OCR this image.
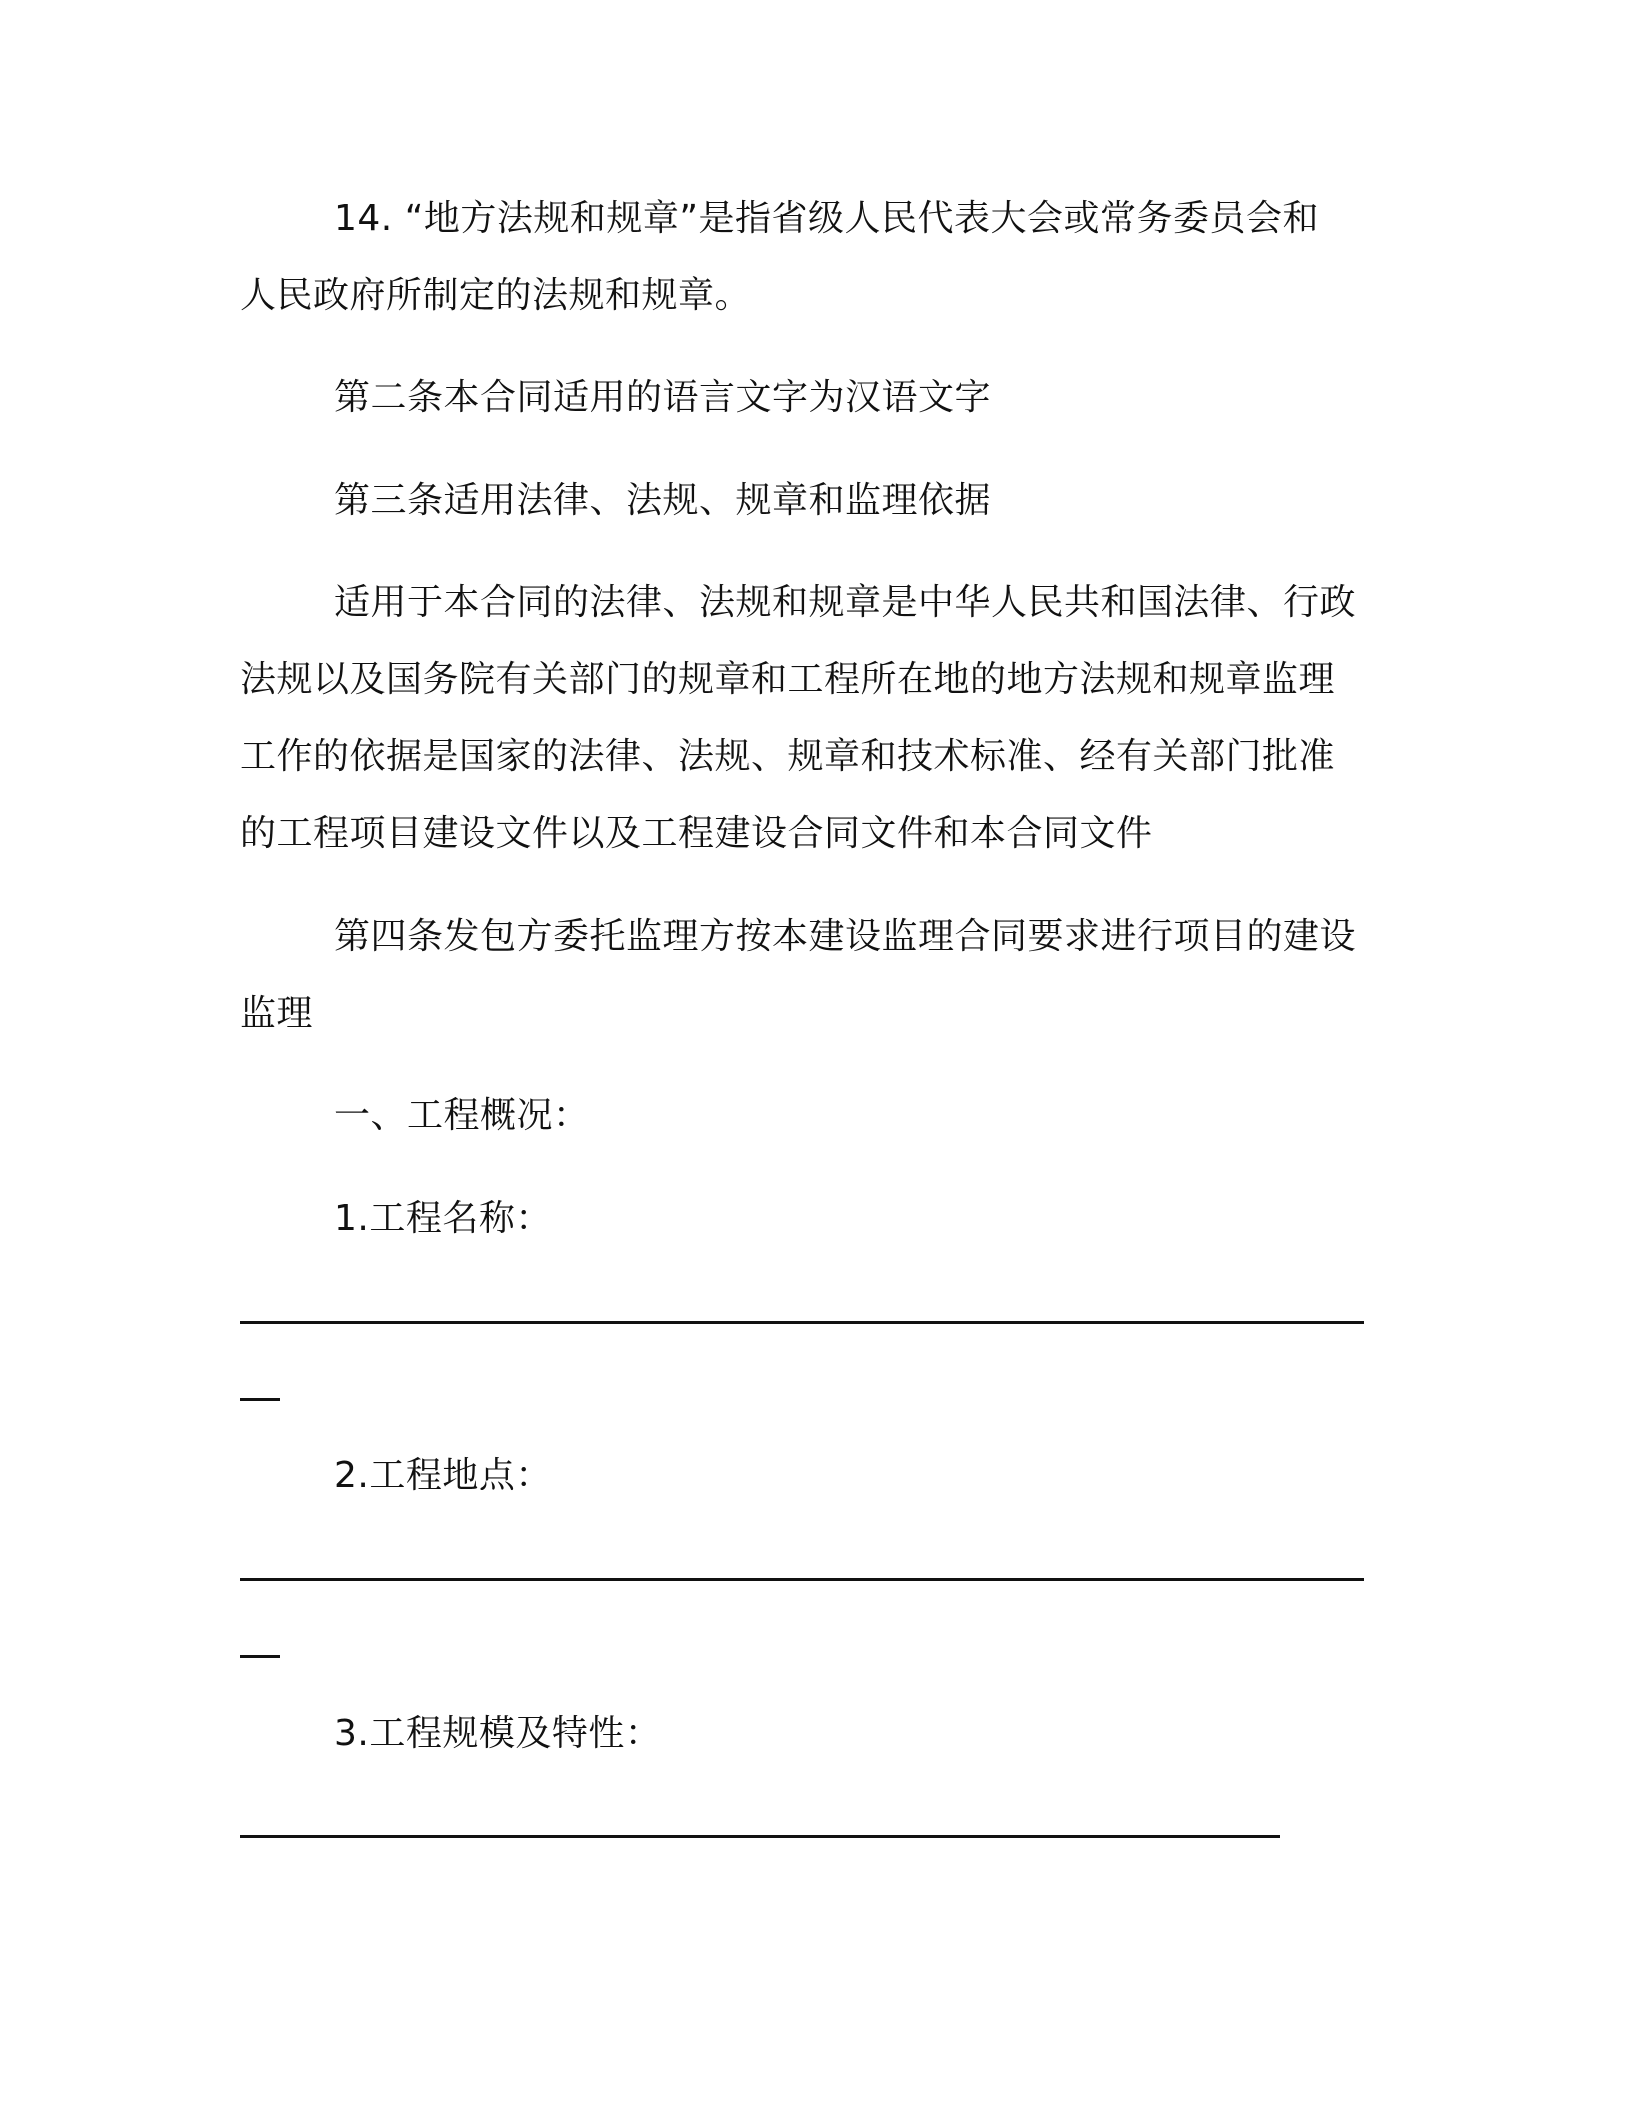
14. “地方法规和规章”是指省级人民代表大会或常务委员会和
人民政府所制定的法规和规章。
第二条本合同适用的语言文字为汉语文字
第三条适用法律、法规、规章和监理依据
适用于本合同的法律、法规和规章是中华人民共和国法律、行政
法规以及国务院有关部门的规章和工程所在地的地方法规和规章监理
工作的依据是国家的法律、法规、规章和技术标准、经有关部门批准
的工程项目建设文件以及工程建设合同文件和本合同文件
第四条发包方委托监理方按本建设监理合同要求进行项目的建设
监理
一、工程概况：
1.工程名称：
2.工程地点：
3.工程规模及特性：
